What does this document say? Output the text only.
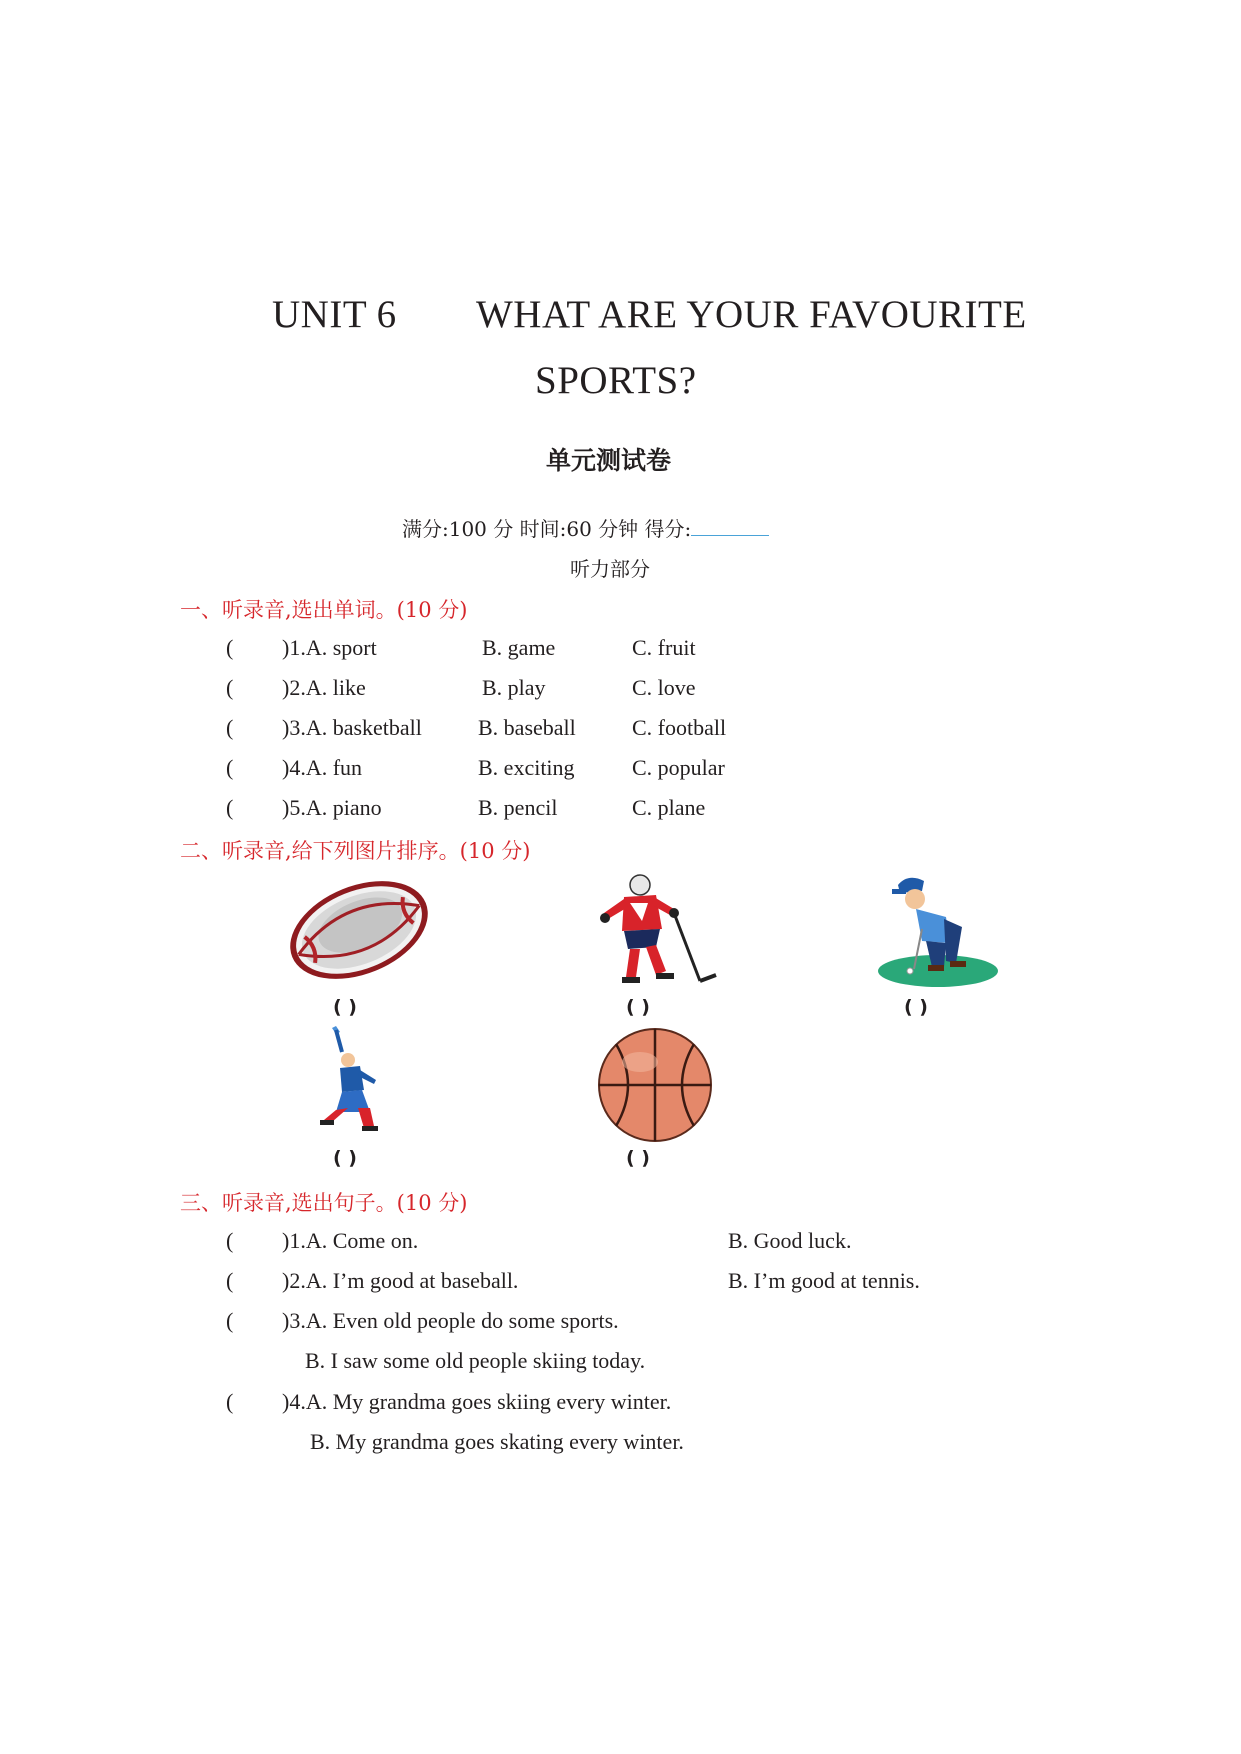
UNIT 6 WHAT ARE YOUR FAVOURITE
SPORTS?
单元测试卷
满分:100 分 时间:60 分钟 得分:
听力部分
一、听录音,选出单词。(10 分)
( )1.A. sport	B. game	C. fruit
( )2.A. like	B. play	C. love
( )3.A. basketball	B. baseball	C. football
( )4.A. fun	B. exciting	C. popular
( )5.A. piano	B. pencil	C. plane
二、听录音,给下列图片排序。(10 分)
( )	( )	( )
( )	( )
三、听录音,选出句子。(10 分)
( )1.A. Come on.	B. Good luck.
( )2.A. I’m good at baseball.	B. I’m good at tennis.
( )3.A. Even old people do some sports.
B. I saw some old people skiing today.
( )4.A. My grandma goes skiing every winter.
B. My grandma goes skating every winter.
